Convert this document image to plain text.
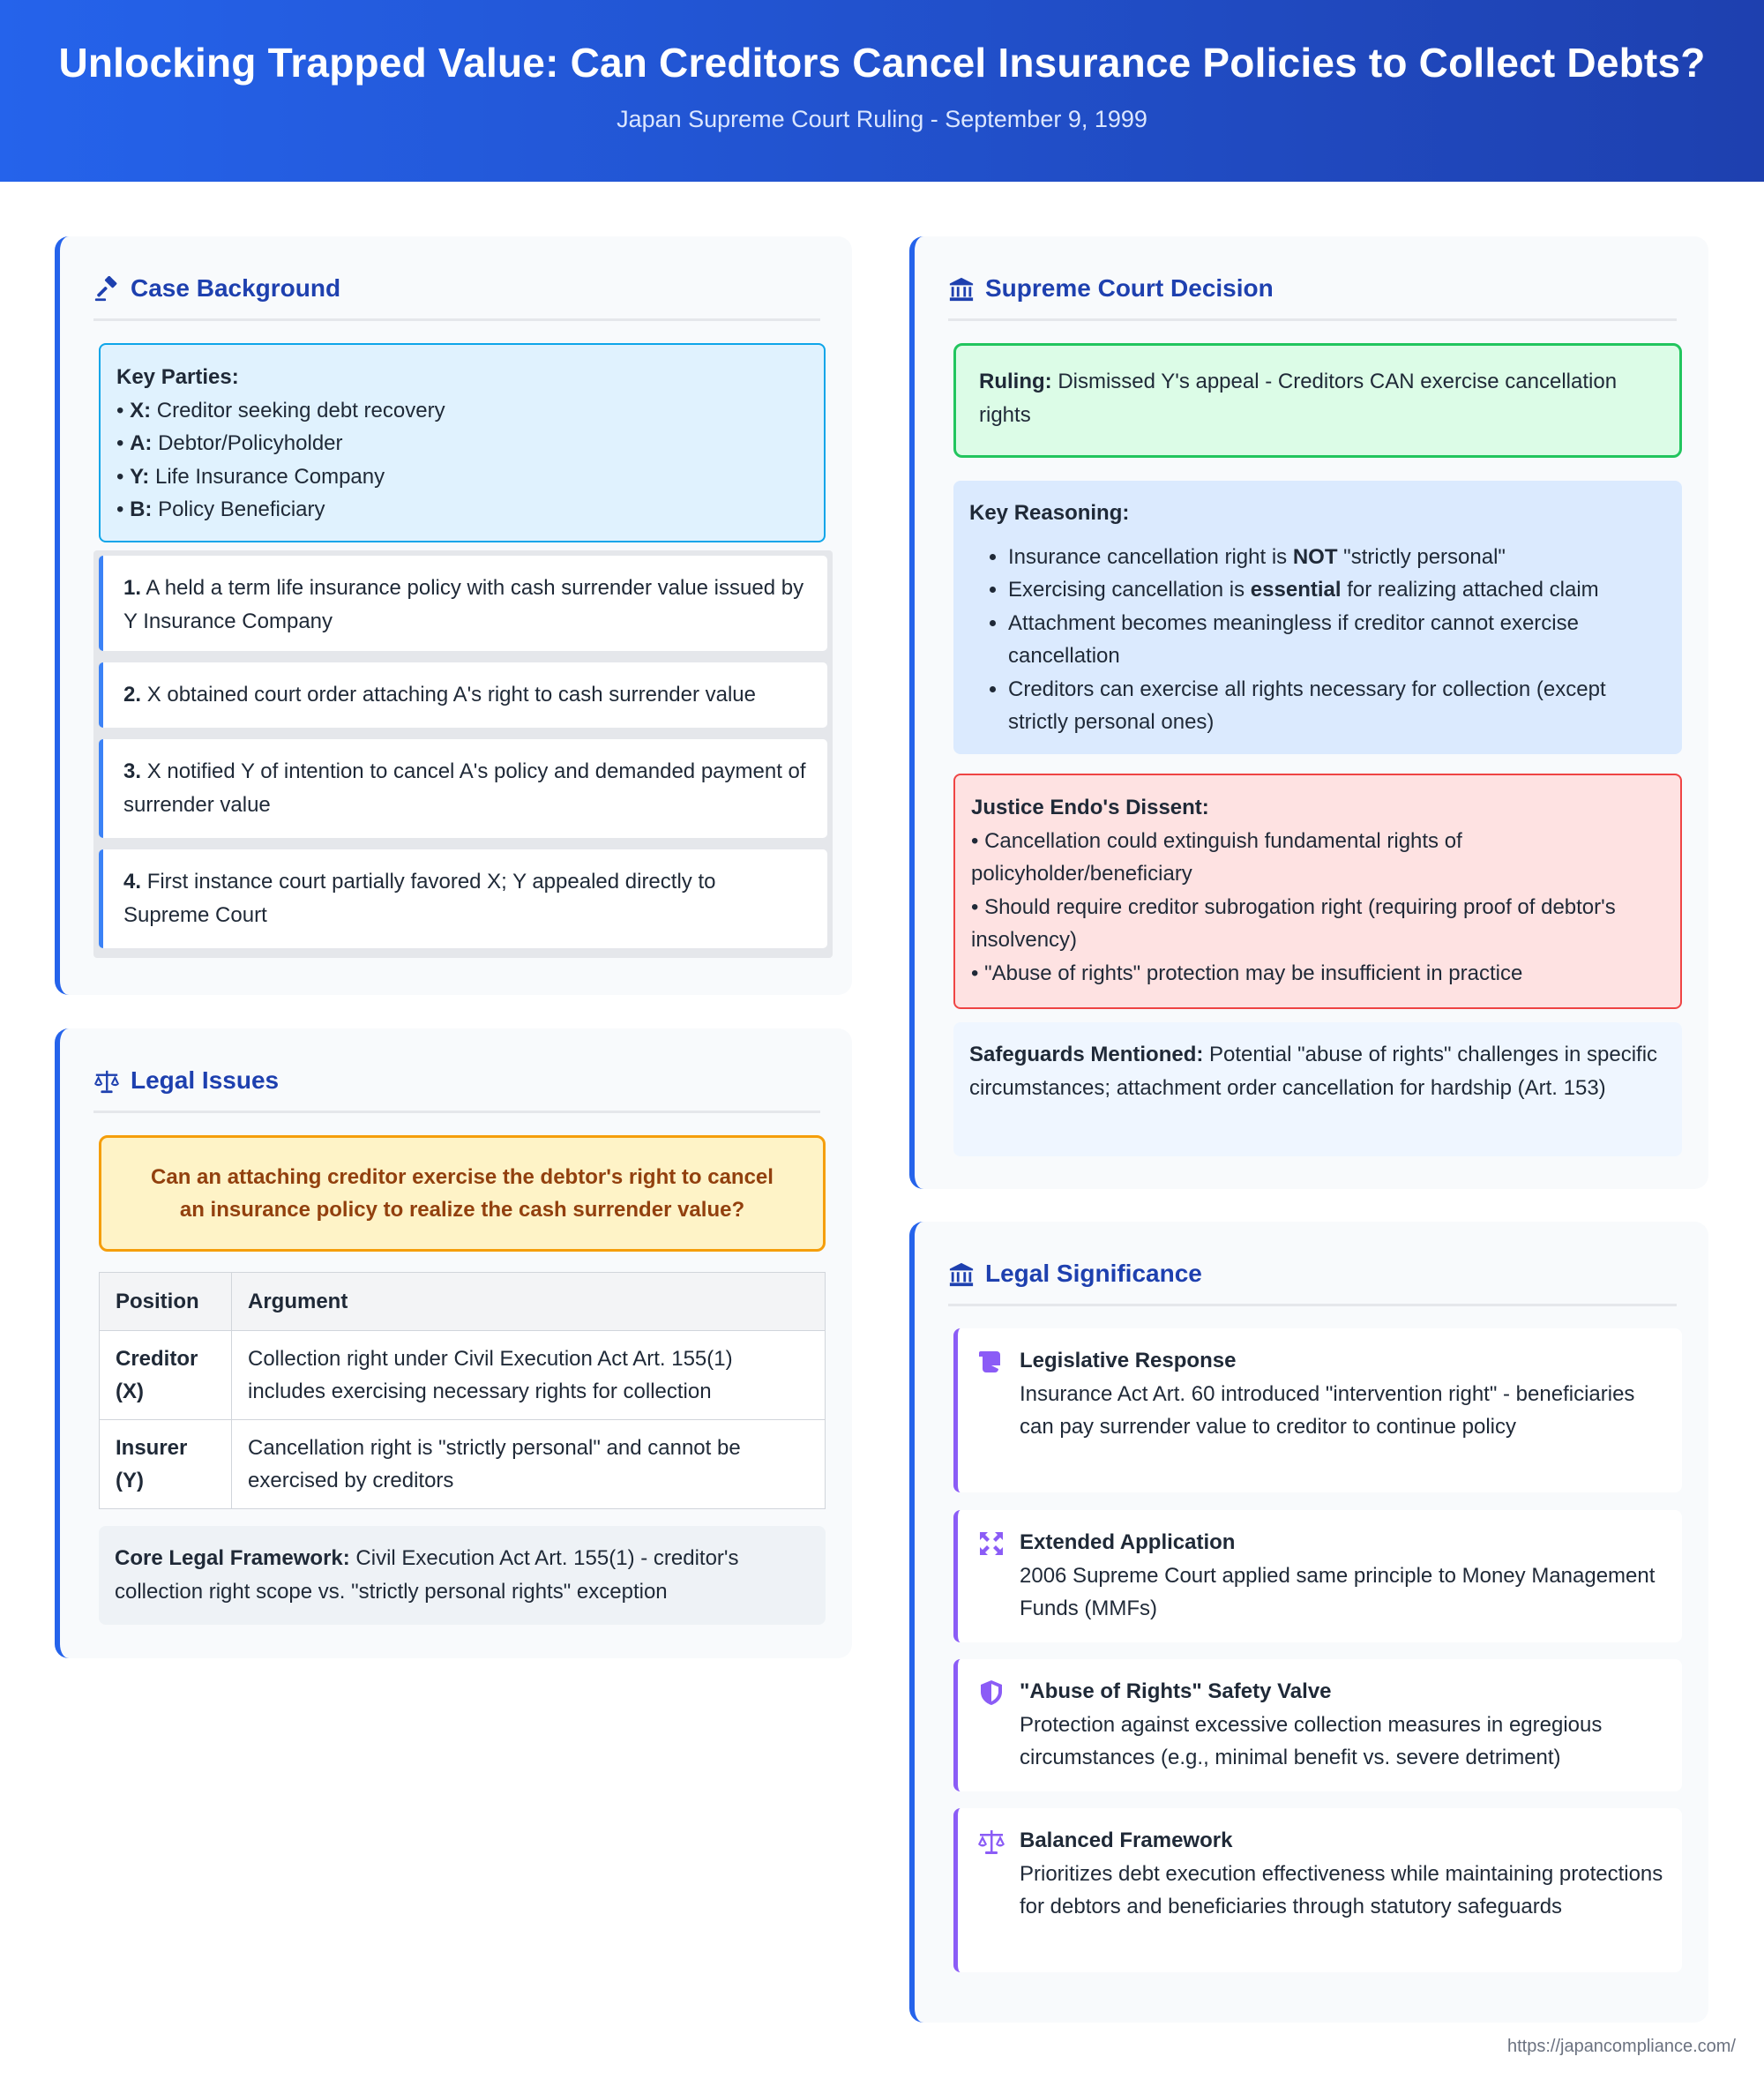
Unlocking Trapped Value: Can Creditors Cancel Insurance Policies to Collect Debts?
Japan Supreme Court Ruling - September 9, 1999
Case Background
Key Parties:
• X: Creditor seeking debt recovery
• A: Debtor/Policyholder
• Y: Life Insurance Company
• B: Policy Beneficiary
1. A held a term life insurance policy with cash surrender value issued by Y Insurance Company
2. X obtained court order attaching A's right to cash surrender value
3. X notified Y of intention to cancel A's policy and demanded payment of surrender value
4. First instance court partially favored X; Y appealed directly to Supreme Court
Legal Issues
Can an attaching creditor exercise the debtor's right to cancel an insurance policy to realize the cash surrender value?
Position	Argument
Creditor (X)	Collection right under Civil Execution Act Art. 155(1) includes exercising necessary rights for collection
Insurer (Y)	Cancellation right is "strictly personal" and cannot be exercised by creditors
Core Legal Framework: Civil Execution Act Art. 155(1) - creditor's collection right scope vs. "strictly personal rights" exception
Supreme Court Decision
Ruling: Dismissed Y's appeal - Creditors CAN exercise cancellation rights
Key Reasoning:
• Insurance cancellation right is NOT "strictly personal"
• Exercising cancellation is essential for realizing attached claim
• Attachment becomes meaningless if creditor cannot exercise cancellation
• Creditors can exercise all rights necessary for collection (except strictly personal ones)
Justice Endo's Dissent:
• Cancellation could extinguish fundamental rights of policyholder/beneficiary
• Should require creditor subrogation right (requiring proof of debtor's insolvency)
• "Abuse of rights" protection may be insufficient in practice
Safeguards Mentioned: Potential "abuse of rights" challenges in specific circumstances; attachment order cancellation for hardship (Art. 153)
Legal Significance
Legislative Response
Insurance Act Art. 60 introduced "intervention right" - beneficiaries can pay surrender value to creditor to continue policy
Extended Application
2006 Supreme Court applied same principle to Money Management Funds (MMFs)
"Abuse of Rights" Safety Valve
Protection against excessive collection measures in egregious circumstances (e.g., minimal benefit vs. severe detriment)
Balanced Framework
Prioritizes debt execution effectiveness while maintaining protections for debtors and beneficiaries through statutory safeguards
https://japancompliance.com/
